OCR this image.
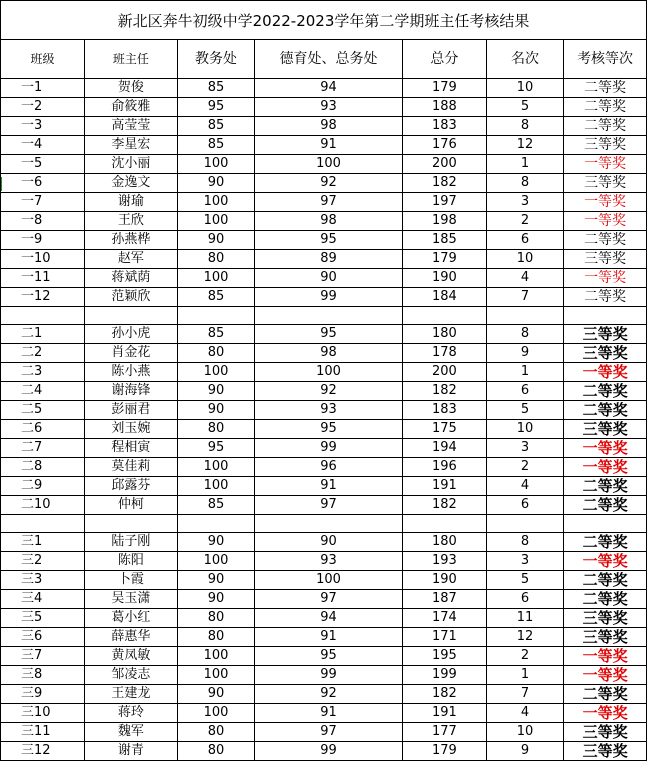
新北区奔牛初级中学2022-2023学年第二学期班主任考核结果
班级	班主任	教务处	德育处、总务处	总分	名次	考核等次
一1	贺俊	85	94	179	10	二等奖
一2	俞筱雅	95	93	188	5	二等奖
一3	高莹莹	85	98	183	8	二等奖
一4	李星宏	85	91	176	12	三等奖
一5	沈小丽	100	100	200	1	一等奖
一6	金逸文	90	92	182	8	三等奖
一7	谢瑜	100	97	197	3	一等奖
一8	王欣	100	98	198	2	一等奖
一9	孙燕桦	90	95	185	6	二等奖
一10	赵军	80	89	179	10	三等奖
一11	蒋斌荫	100	90	190	4	一等奖
一12	范颖欣	85	99	184	7	二等奖

二1	孙小虎	85	95	180	8	三等奖
二2	肖金花	80	98	178	9	三等奖
二3	陈小燕	100	100	200	1	一等奖
二4	谢海锋	90	92	182	6	二等奖
二5	彭丽君	90	93	183	5	二等奖
二6	刘玉婉	80	95	175	10	三等奖
二7	程相寅	95	99	194	3	一等奖
二8	莫佳莉	100	96	196	2	一等奖
二9	邱露芬	100	91	191	4	二等奖
二10	仲柯	85	97	182	6	二等奖

三1	陆子刚	90	90	180	8	二等奖
三2	陈阳	100	93	193	3	一等奖
三3	卜霞	90	100	190	5	二等奖
三4	吴玉潇	90	97	187	6	二等奖
三5	葛小红	80	94	174	11	三等奖
三6	薛惠华	80	91	171	12	三等奖
三7	黄凤敏	100	95	195	2	一等奖
三8	邹凌志	100	99	199	1	一等奖
三9	王建龙	90	92	182	7	二等奖
三10	蒋玲	100	91	191	4	一等奖
三11	魏军	80	97	177	10	三等奖
三12	谢青	80	99	179	9	三等奖
